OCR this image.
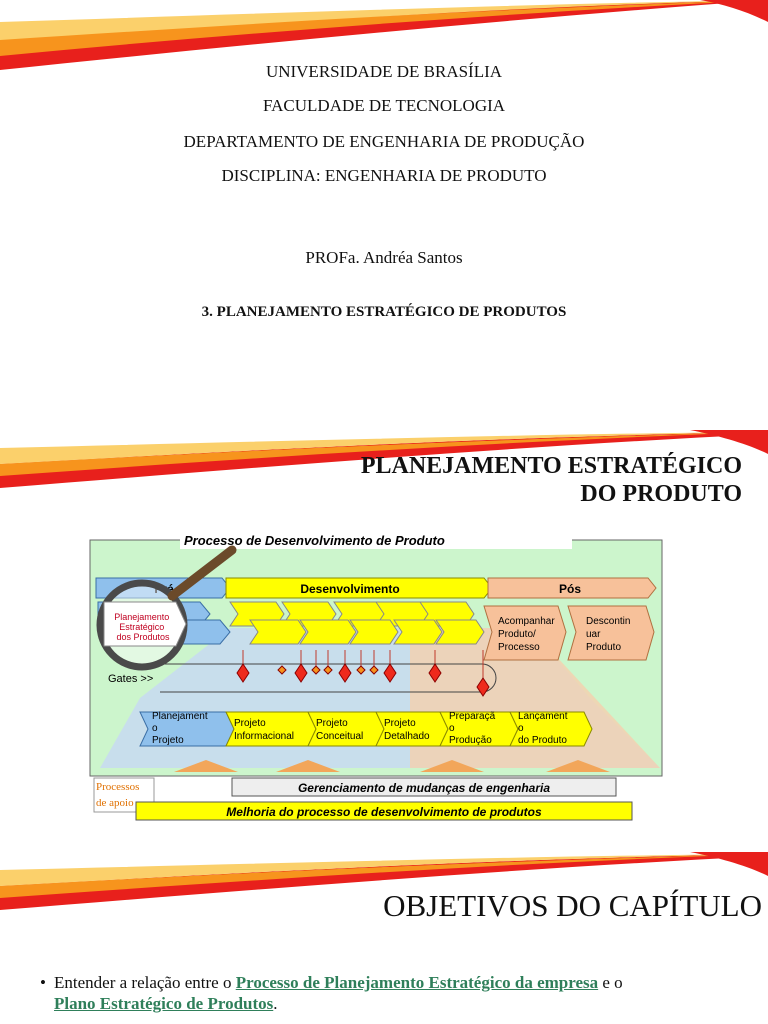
UNIVERSIDADE DE BRASÍLIA
FACULDADE DE TECNOLOGIA
DEPARTAMENTO DE ENGENHARIA DE PRODUÇÃO
DISCIPLINA: ENGENHARIA DE PRODUTO
PROFa. Andréa Santos
3. PLANEJAMENTO ESTRATÉGICO DE PRODUTOS
PLANEJAMENTO ESTRATÉGICO
DO PRODUTO
Processo de Desenvolvimento de Produto
Pré	Desenvolvimento	Pós
Acompanhar Produto/ Processo
Descontin uar Produto
Gates >>
Planejamento Estratégico dos Produtos
Planejament o Projeto
Projeto Informacional
Projeto Conceitual
Projeto Detalhado
Preparaçã o Produção
Lançament o do Produto
Processos de apoio
Gerenciamento de mudanças de engenharia
Melhoria do processo de desenvolvimento de produtos
OBJETIVOS DO CAPÍTULO
• Entender a relação entre o Processo de Planejamento Estratégico da empresa e o Plano Estratégico de Produtos.
